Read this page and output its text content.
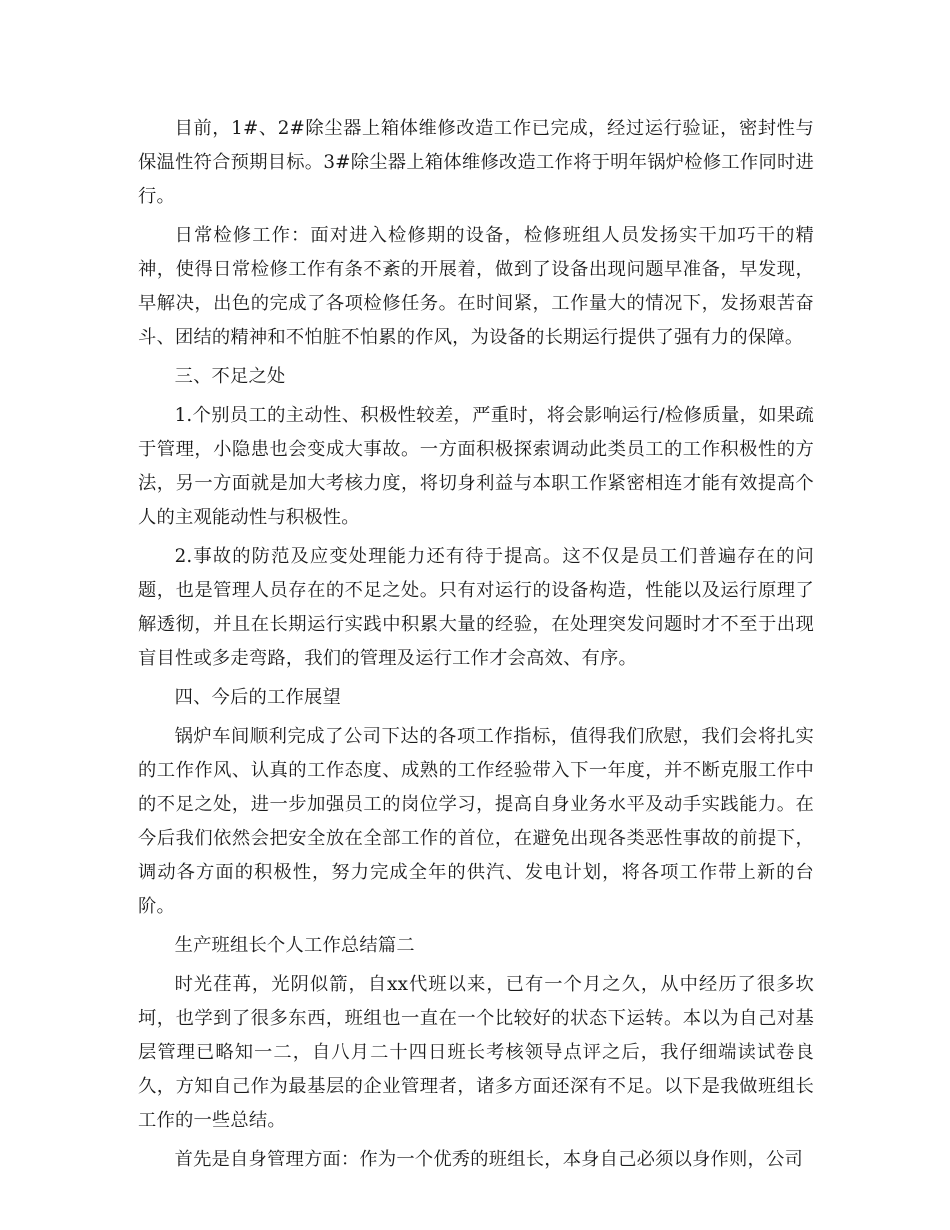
目前，1#、2#除尘器上箱体维修改造工作已完成，经过运行验证，密封性与保温性符合预期目标。3#除尘器上箱体维修改造工作将于明年锅炉检修工作同时进行。

日常检修工作：面对进入检修期的设备，检修班组人员发扬实干加巧干的精神，使得日常检修工作有条不紊的开展着，做到了设备出现问题早准备，早发现，早解决，出色的完成了各项检修任务。在时间紧，工作量大的情况下，发扬艰苦奋斗、团结的精神和不怕脏不怕累的作风，为设备的长期运行提供了强有力的保障。

三、不足之处

1.个别员工的主动性、积极性较差，严重时，将会影响运行/检修质量，如果疏于管理，小隐患也会变成大事故。一方面积极探索调动此类员工的工作积极性的方法，另一方面就是加大考核力度，将切身利益与本职工作紧密相连才能有效提高个人的主观能动性与积极性。

2.事故的防范及应变处理能力还有待于提高。这不仅是员工们普遍存在的问题，也是管理人员存在的不足之处。只有对运行的设备构造，性能以及运行原理了解透彻，并且在长期运行实践中积累大量的经验，在处理突发问题时才不至于出现盲目性或多走弯路，我们的管理及运行工作才会高效、有序。

四、今后的工作展望

锅炉车间顺利完成了公司下达的各项工作指标，值得我们欣慰，我们会将扎实的工作作风、认真的工作态度、成熟的工作经验带入下一年度，并不断克服工作中的不足之处，进一步加强员工的岗位学习，提高自身业务水平及动手实践能力。在今后我们依然会把安全放在全部工作的首位，在避免出现各类恶性事故的前提下，调动各方面的积极性，努力完成全年的供汽、发电计划，将各项工作带上新的台阶。

生产班组长个人工作总结篇二

时光荏苒，光阴似箭，自xx代班以来，已有一个月之久，从中经历了很多坎坷，也学到了很多东西，班组也一直在一个比较好的状态下运转。本以为自己对基层管理已略知一二，自八月二十四日班长考核领导点评之后，我仔细端读试卷良久，方知自己作为最基层的企业管理者，诸多方面还深有不足。以下是我做班组长工作的一些总结。

首先是自身管理方面：作为一个优秀的班组长，本身自己必须以身作则，公司
